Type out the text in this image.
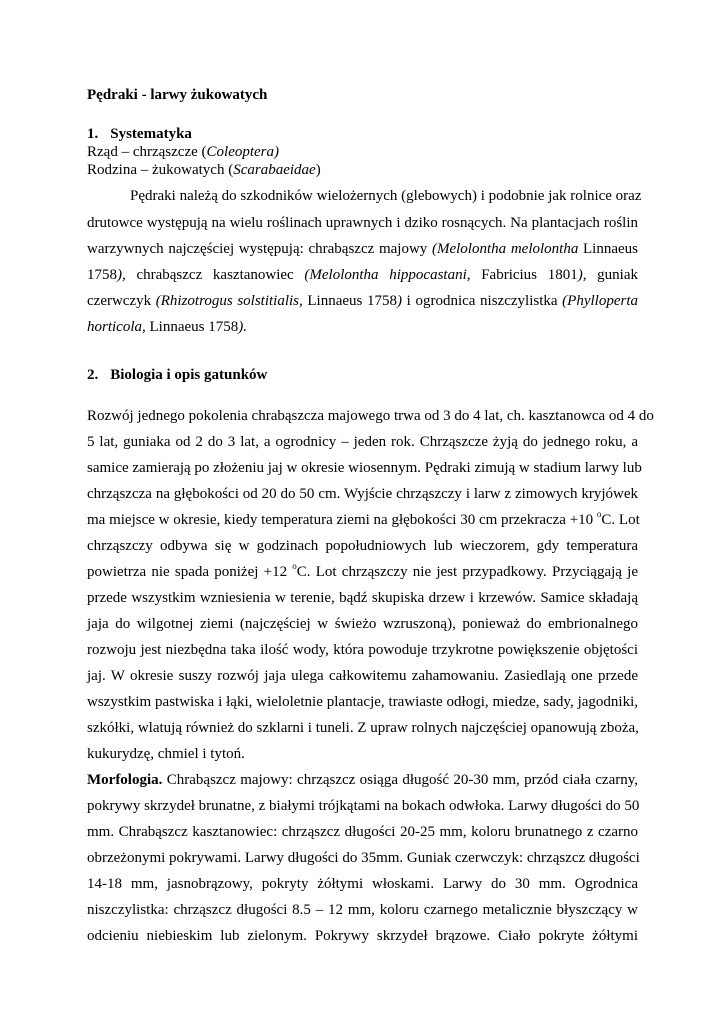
Pędraki - larwy żukowatych
1. Systematyka
Rząd – chrząszcze (Coleoptera)
Rodzina – żukowatych (Scarabaeidae)
Pędraki należą do szkodników wielożernych (glebowych) i podobnie jak rolnice oraz
drutowce występują na wielu roślinach uprawnych i dziko rosnących. Na plantacjach roślin
warzywnych najczęściej występują: chrabąszcz majowy (Melolontha melolontha Linnaeus
1758), chrabąszcz kasztanowiec (Melolontha hippocastani, Fabricius 1801), guniak
czerwczyk (Rhizotrogus solstitialis, Linnaeus 1758) i ogrodnica niszczylistka (Phylloperta
horticola, Linnaeus 1758).
2. Biologia i opis gatunków
Rozwój jednego pokolenia chrabąszcza majowego trwa od 3 do 4 lat, ch. kasztanowca od 4 do
5 lat, guniaka od 2 do 3 lat, a ogrodnicy – jeden rok. Chrząszcze żyją do jednego roku, a
samice zamierają po złożeniu jaj w okresie wiosennym. Pędraki zimują w stadium larwy lub
chrząszcza na głębokości od 20 do 50 cm. Wyjście chrząszczy i larw z zimowych kryjówek
ma miejsce w okresie, kiedy temperatura ziemi na głębokości 30 cm przekracza +10 $^o$C. Lot
chrząszczy odbywa się w godzinach popołudniowych lub wieczorem, gdy temperatura
powietrza nie spada poniżej +12 $^o$C. Lot chrząszczy nie jest przypadkowy. Przyciągają je
przede wszystkim wzniesienia w terenie, bądź skupiska drzew i krzewów. Samice składają
jaja do wilgotnej ziemi (najczęściej w świeżo wzruszoną), ponieważ do embrionalnego
rozwoju jest niezbędna taka ilość wody, która powoduje trzykrotne powiększenie objętości
jaj. W okresie suszy rozwój jaja ulega całkowitemu zahamowaniu. Zasiedlają one przede
wszystkim pastwiska i łąki, wieloletnie plantacje, trawiaste odłogi, miedze, sady, jagodniki,
szkółki, wlatują również do szklarni i tuneli. Z upraw rolnych najczęściej opanowują zboża,
kukurydzę, chmiel i tytoń.
Morfologia. Chrabąszcz majowy: chrząszcz osiąga długość 20-30 mm, przód ciała czarny,
pokrywy skrzydeł brunatne, z białymi trójkątami na bokach odwłoka. Larwy długości do 50
mm. Chrabąszcz kasztanowiec: chrząszcz długości 20-25 mm, koloru brunatnego z czarno
obrzeżonymi pokrywami. Larwy długości do 35mm. Guniak czerwczyk: chrząszcz długości
14-18 mm, jasnobrązowy, pokryty żółtymi włoskami. Larwy do 30 mm. Ogrodnica
niszczylistka: chrząszcz długości 8.5 – 12 mm, koloru czarnego metalicznie błyszczący w
odcieniu niebieskim lub zielonym. Pokrywy skrzydeł brązowe. Ciało pokryte żółtymi
